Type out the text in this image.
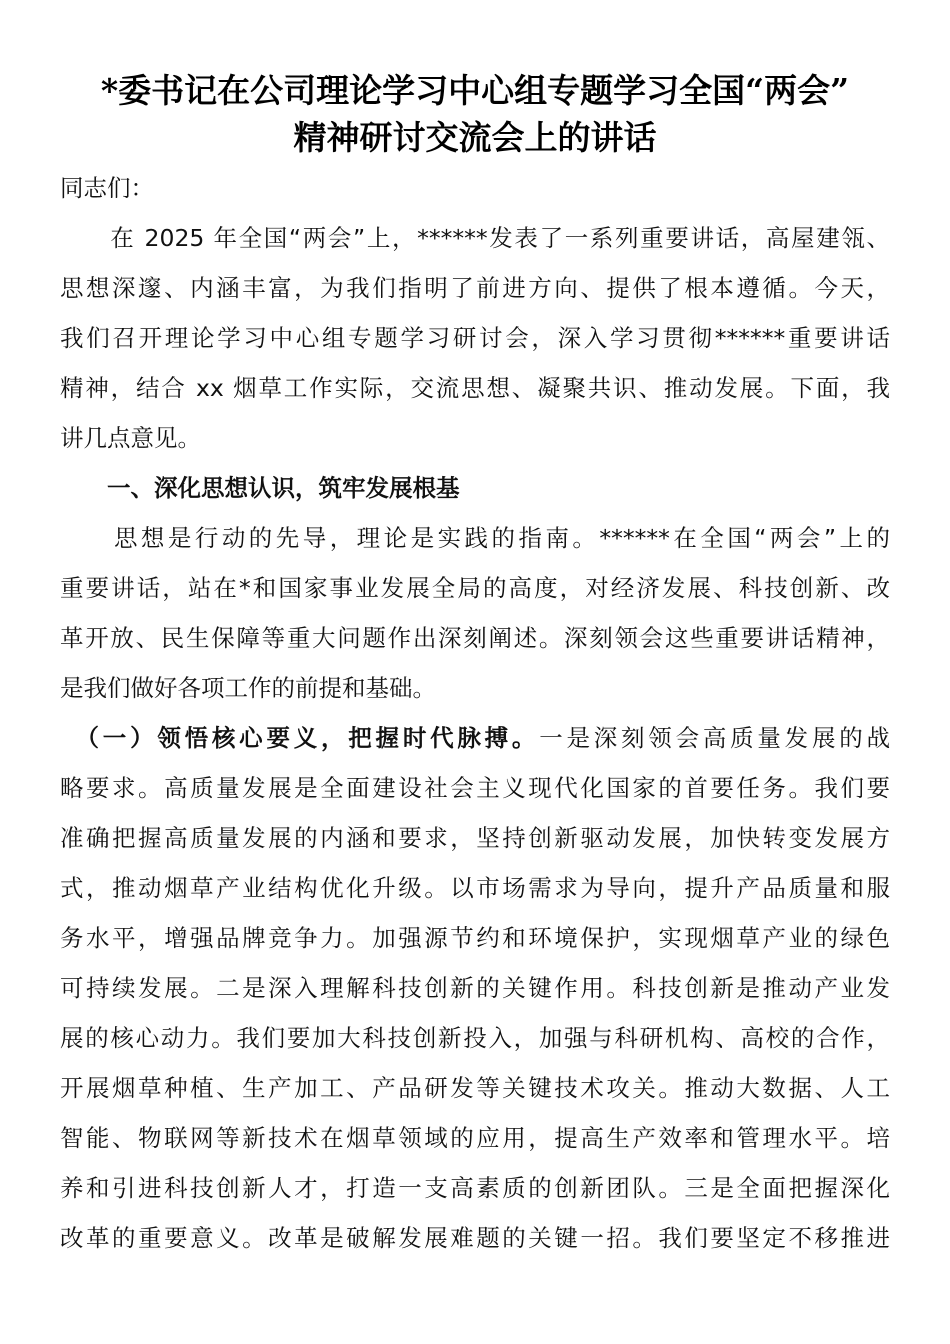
*委书记在公司理论学习中心组专题学习全国“两会”
精神研讨交流会上的讲话
同志们：
　　在 2025 年全国“两会”上，******发表了一系列重要讲话，高屋建瓴、
思想深邃、内涵丰富，为我们指明了前进方向、提供了根本遵循。今天，
我们召开理论学习中心组专题学习研讨会，深入学习贯彻******重要讲话
精神，结合 xx 烟草工作实际，交流思想、凝聚共识、推动发展。下面，我
讲几点意见。
　　一、深化思想认识，筑牢发展根基
　　思想是行动的先导，理论是实践的指南。******在全国“两会”上的
重要讲话，站在*和国家事业发展全局的高度，对经济发展、科技创新、改
革开放、民生保障等重大问题作出深刻阐述。深刻领会这些重要讲话精神，
是我们做好各项工作的前提和基础。
　（一）领悟核心要义，把握时代脉搏。一是深刻领会高质量发展的战
略要求。高质量发展是全面建设社会主义现代化国家的首要任务。我们要
准确把握高质量发展的内涵和要求，坚持创新驱动发展，加快转变发展方
式，推动烟草产业结构优化升级。以市场需求为导向，提升产品质量和服
务水平，增强品牌竞争力。加强源节约和环境保护，实现烟草产业的绿色
可持续发展。二是深入理解科技创新的关键作用。科技创新是推动产业发
展的核心动力。我们要加大科技创新投入，加强与科研机构、高校的合作，
开展烟草种植、生产加工、产品研发等关键技术攻关。推动大数据、人工
智能、物联网等新技术在烟草领域的应用，提高生产效率和管理水平。培
养和引进科技创新人才，打造一支高素质的创新团队。三是全面把握深化
改革的重要意义。改革是破解发展难题的关键一招。我们要坚定不移推进
